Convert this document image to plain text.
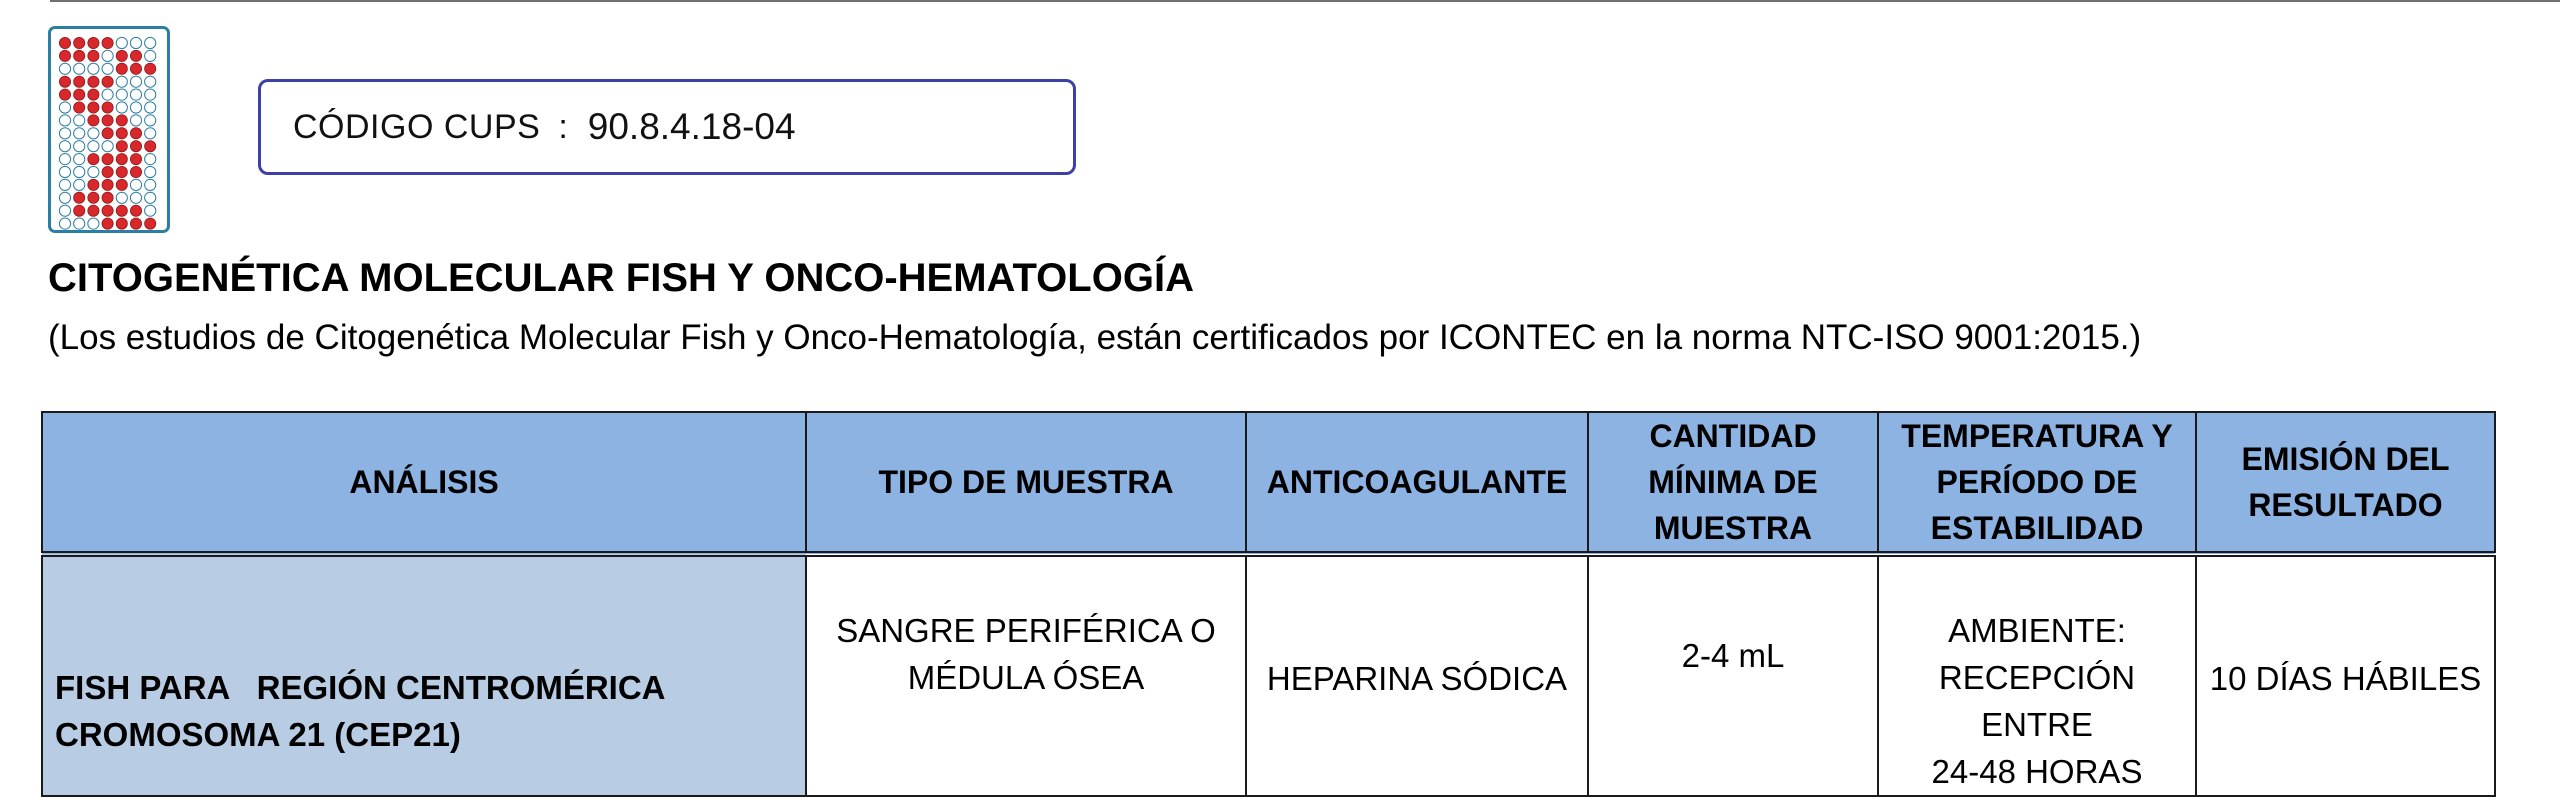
CÓDIGO CUPS : 90.8.4.18-04
CITOGENÉTICA MOLECULAR FISH Y ONCO-HEMATOLOGÍA

(Los estudios de Citogenética Molecular Fish y Onco-Hematología, están certificados por ICONTEC en la norma NTC-ISO 9001:2015.)

ANÁLISIS	TIPO DE MUESTRA	ANTICOAGULANTE	CANTIDAD
MÍNIMA DE
MUESTRA	TEMPERATURA Y
PERÍODO DE
ESTABILIDAD	EMISIÓN DEL
RESULTADO

FISH PARA   REGIÓN CENTROMÉRICA
CROMOSOMA 21 (CEP21)	SANGRE PERIFÉRICA O
MÉDULA ÓSEA	HEPARINA SÓDICA	2-4 mL	AMBIENTE:
RECEPCIÓN ENTRE
24-48 HORAS	10 DÍAS HÁBILES
